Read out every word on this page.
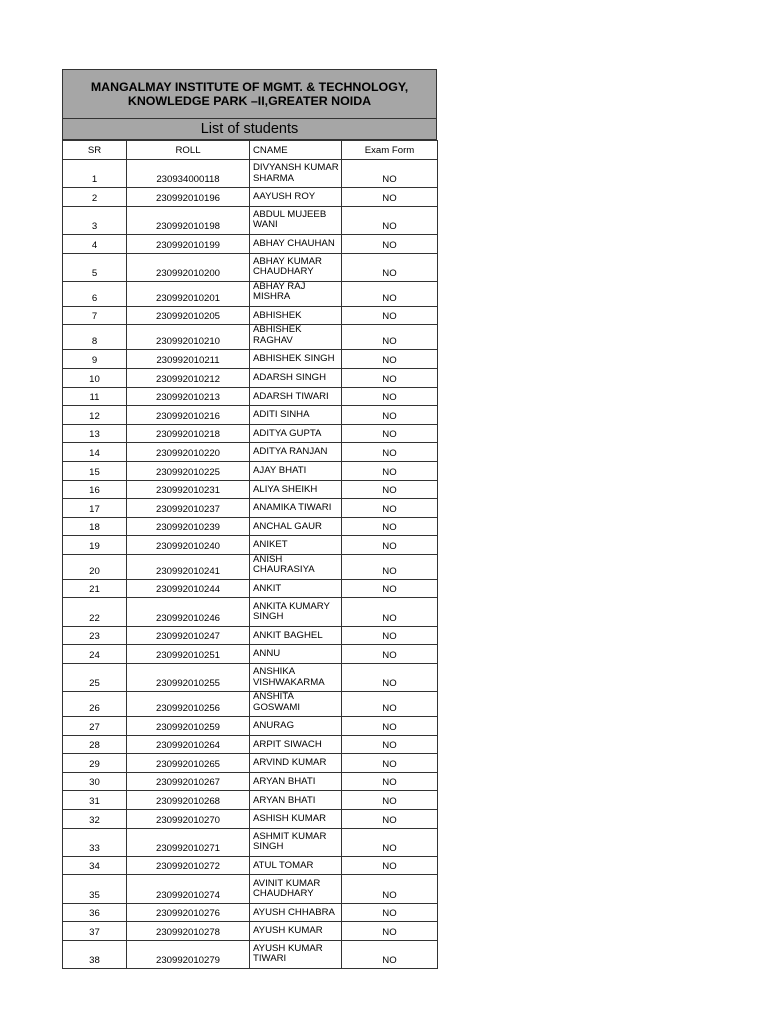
MANGALMAY INSTITUTE OF MGMT. & TECHNOLOGY,
KNOWLEDGE PARK –II,GREATER NOIDA
List of students
SR	ROLL	CNAME	Exam Form
1	230934000118	DIVYANSH KUMAR SHARMA	NO
2	230992010196	AAYUSH ROY	NO
3	230992010198	ABDUL MUJEEB WANI	NO
4	230992010199	ABHAY CHAUHAN	NO
5	230992010200	ABHAY KUMAR CHAUDHARY	NO
6	230992010201	ABHAY RAJ MISHRA	NO
7	230992010205	ABHISHEK	NO
8	230992010210	ABHISHEK RAGHAV	NO
9	230992010211	ABHISHEK SINGH	NO
10	230992010212	ADARSH SINGH	NO
11	230992010213	ADARSH TIWARI	NO
12	230992010216	ADITI SINHA	NO
13	230992010218	ADITYA GUPTA	NO
14	230992010220	ADITYA RANJAN	NO
15	230992010225	AJAY BHATI	NO
16	230992010231	ALIYA SHEIKH	NO
17	230992010237	ANAMIKA TIWARI	NO
18	230992010239	ANCHAL GAUR	NO
19	230992010240	ANIKET	NO
20	230992010241	ANISH CHAURASIYA	NO
21	230992010244	ANKIT	NO
22	230992010246	ANKITA KUMARY SINGH	NO
23	230992010247	ANKIT BAGHEL	NO
24	230992010251	ANNU	NO
25	230992010255	ANSHIKA VISHWAKARMA	NO
26	230992010256	ANSHITA GOSWAMI	NO
27	230992010259	ANURAG	NO
28	230992010264	ARPIT SIWACH	NO
29	230992010265	ARVIND KUMAR	NO
30	230992010267	ARYAN BHATI	NO
31	230992010268	ARYAN BHATI	NO
32	230992010270	ASHISH KUMAR	NO
33	230992010271	ASHMIT KUMAR SINGH	NO
34	230992010272	ATUL TOMAR	NO
35	230992010274	AVINIT KUMAR CHAUDHARY	NO
36	230992010276	AYUSH CHHABRA	NO
37	230992010278	AYUSH KUMAR	NO
38	230992010279	AYUSH KUMAR TIWARI	NO
